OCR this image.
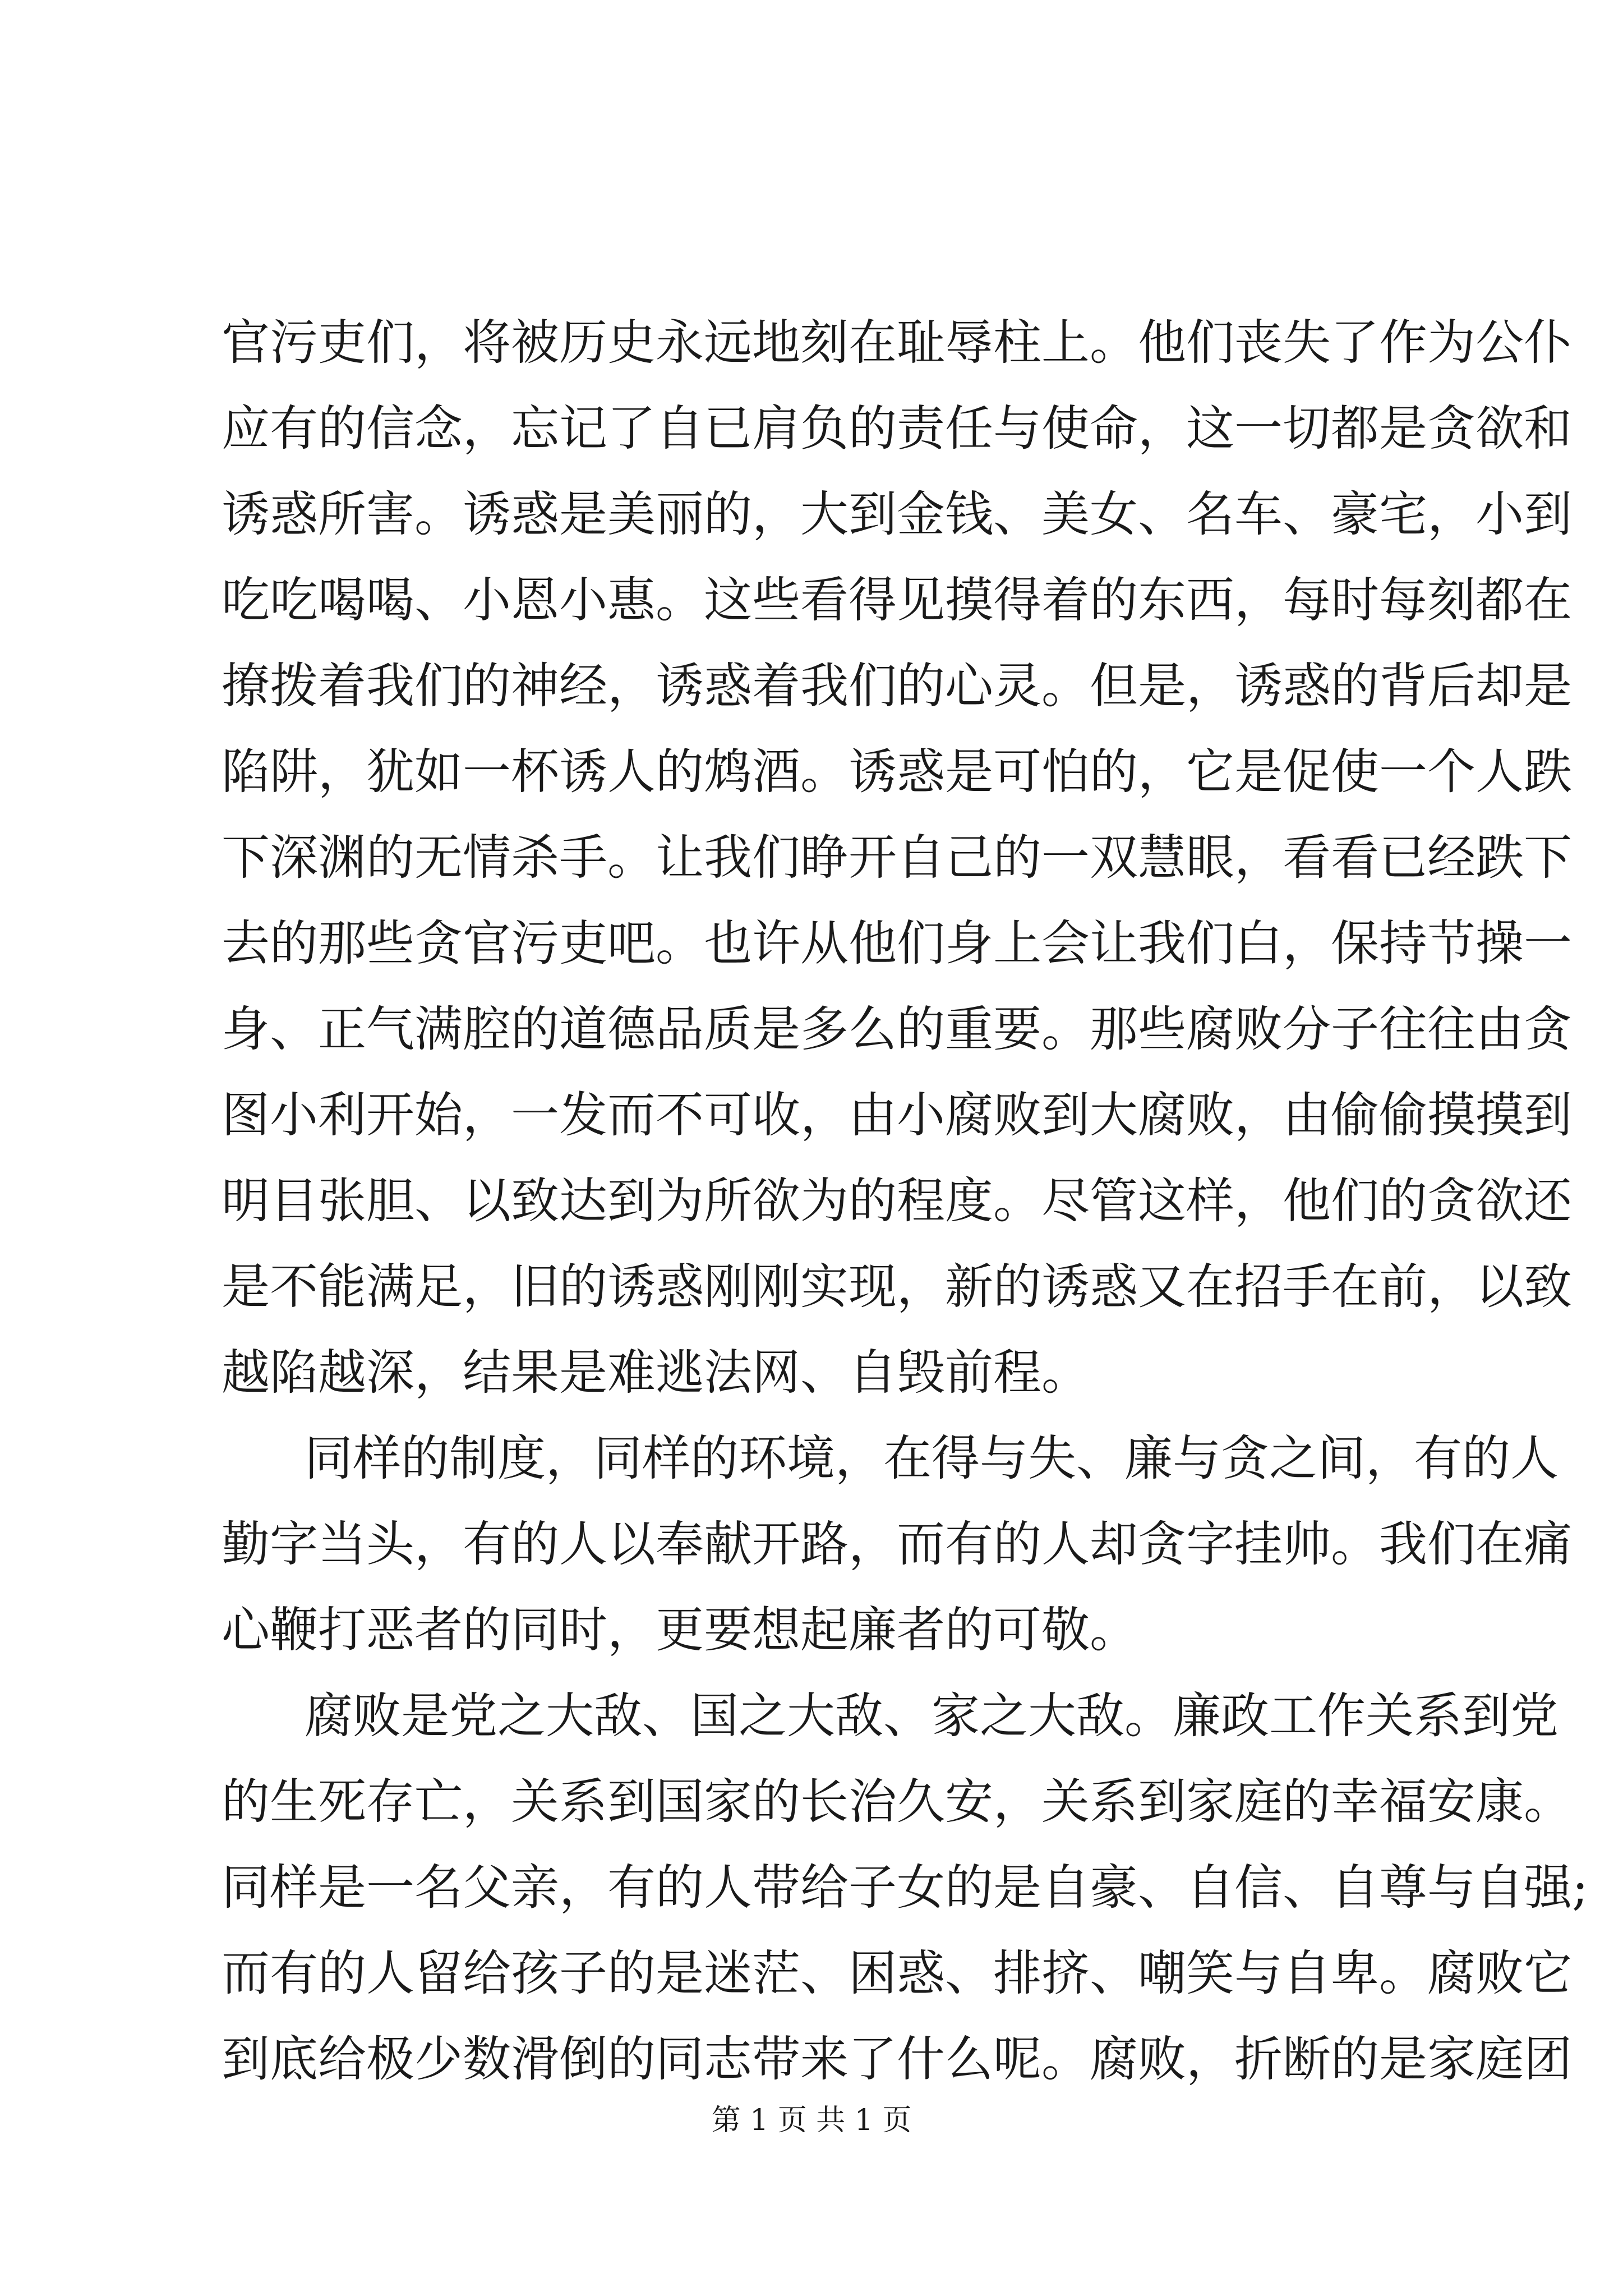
官污吏们，将被历史永远地刻在耻辱柱上。他们丧失了作为公仆
应有的信念，忘记了自已肩负的责任与使命，这一切都是贪欲和
诱惑所害。诱惑是美丽的，大到金钱、美女、名车、豪宅，小到
吃吃喝喝、小恩小惠。这些看得见摸得着的东西，每时每刻都在
撩拨着我们的神经，诱惑着我们的心灵。但是，诱惑的背后却是
陷阱，犹如一杯诱人的鸩酒。诱惑是可怕的，它是促使一个人跌
下深渊的无情杀手。让我们睁开自己的一双慧眼，看看已经跌下
去的那些贪官污吏吧。也许从他们身上会让我们白，保持节操一
身、正气满腔的道德品质是多么的重要。那些腐败分子往往由贪
图小利开始，一发而不可收，由小腐败到大腐败，由偷偷摸摸到
明目张胆、以致达到为所欲为的程度。尽管这样，他们的贪欲还
是不能满足，旧的诱惑刚刚实现，新的诱惑又在招手在前，以致
越陷越深，结果是难逃法网、自毁前程。
同样的制度，同样的环境，在得与失、廉与贪之间，有的人
勤字当头，有的人以奉献开路，而有的人却贪字挂帅。我们在痛
心鞭打恶者的同时，更要想起廉者的可敬。
腐败是党之大敌、国之大敌、家之大敌。廉政工作关系到党
的生死存亡，关系到国家的长治久安，关系到家庭的幸福安康。
同样是一名父亲，有的人带给子女的是自豪、自信、自尊与自强;
而有的人留给孩子的是迷茫、困惑、排挤、嘲笑与自卑。腐败它
到底给极少数滑倒的同志带来了什么呢。腐败，折断的是家庭团
第 1 页 共 1 页
